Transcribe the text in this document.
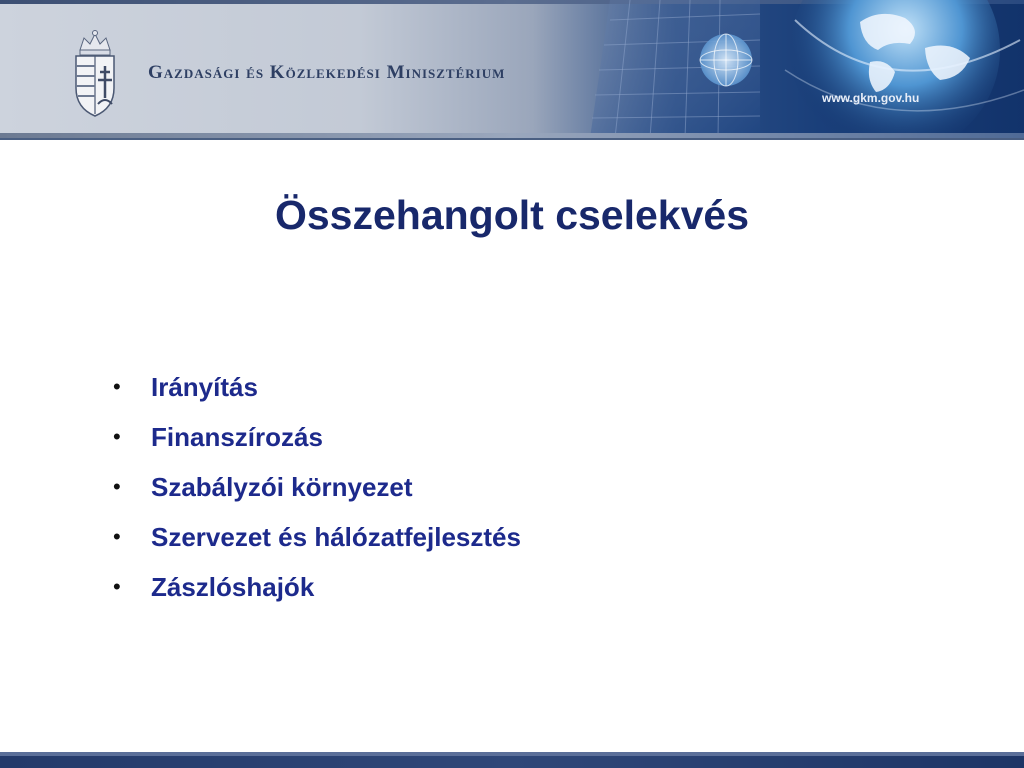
Gazdasági és Közlekedési Minisztérium
www.gkm.gov.hu
Összehangolt cselekvés
•	Irányítás
•	Finanszírozás
•	Szabályzói környezet
•	Szervezet és hálózatfejlesztés
•	Zászlóshajók
